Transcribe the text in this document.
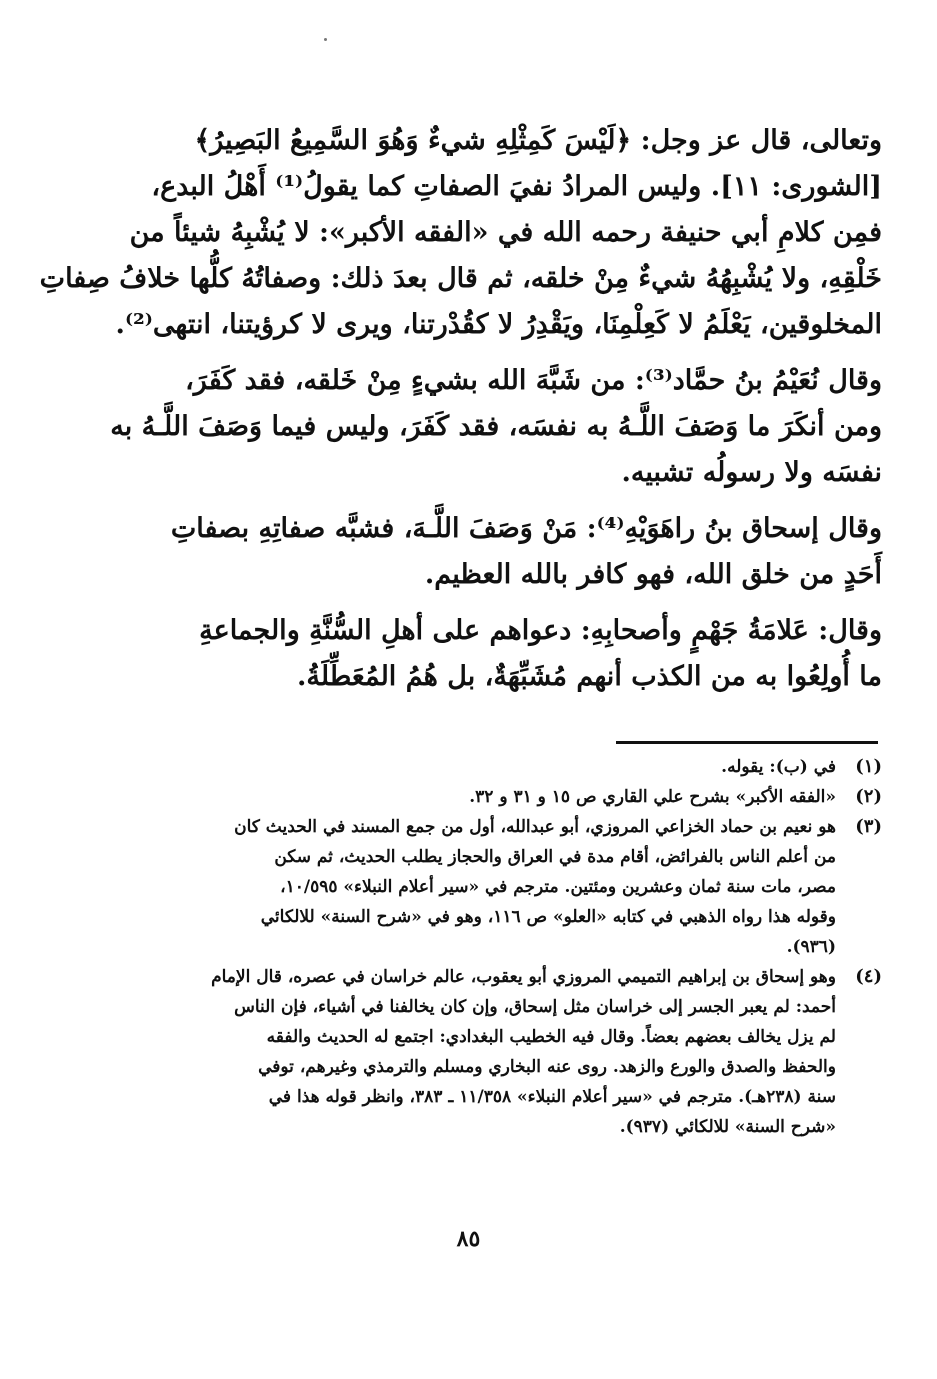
وتعالى، قال عز وجل: ﴿لَيْسَ كَمِثْلِهِ شيءٌ وَهُوَ السَّمِيعُ البَصِيرُ﴾
[الشورى: ١١]. وليس المرادُ نفيَ الصفاتِ كما يقولُ⁽¹⁾ أَهْلُ البدع،
فمِن كلامِ أبي حنيفة رحمه الله في «الفقه الأكبر»: لا يُشْبِهُ شيئاً من
خَلْقِهِ، ولا يُشْبِهُهُ شيءٌ مِنْ خلقه، ثم قال بعدَ ذلك: وصفاتُهُ كلُّها خلافُ صِفاتِ
المخلوقين، يَعْلَمُ لا كَعِلْمِنَا، ويَقْدِرُ لا كقُدْرتنا، ويرى لا كرؤيتنا، انتهى⁽²⁾.
وقال نُعَيْمُ بنُ حمَّاد⁽³⁾: من شَبَّهَ الله بشيءٍ مِنْ خَلقه، فقد كَفَرَ،
ومن أنكَرَ ما وَصَفَ اللَّـهُ به نفسَه، فقد كَفَرَ، وليس فيما وَصَفَ اللَّـهُ به
نفسَه ولا رسولُه تشبيه.
وقال إسحاق بنُ راهَوَيْهِ⁽⁴⁾: مَنْ وَصَفَ اللَّـهَ، فشبَّه صفاتِهِ بصفاتِ
أَحَدٍ من خلق الله، فهو كافر بالله العظيم.
وقال: عَلامَةُ جَهْمٍ وأصحابِهِ: دعواهم على أهلِ السُّنَّةِ والجماعةِ
ما أُولِعُوا به من الكذب أنهم مُشَبِّهَةٌ، بل هُمُ المُعَطِّلَةُ.
(١)
في (ب): يقوله.
(٢)
«الفقه الأكبر» بشرح علي القاري ص ١٥ و ٣١ و ٣٢.
(٣)
هو نعيم بن حماد الخزاعي المروزي، أبو عبدالله، أول من جمع المسند في الحديث كان
من أعلم الناس بالفرائض، أقام مدة في العراق والحجاز يطلب الحديث، ثم سكن
مصر، مات سنة ثمان وعشرين ومئتين. مترجم في «سير أعلام النبلاء» ١٠/٥٩٥،
وقوله هذا رواه الذهبي في كتابه «العلو» ص ١١٦، وهو في «شرح السنة» للالكائي
(٩٣٦).
(٤)
وهو إسحاق بن إبراهيم التميمي المروزي أبو يعقوب، عالم خراسان في عصره، قال الإمام
أحمد: لم يعبر الجسر إلى خراسان مثل إسحاق، وإن كان يخالفنا في أشياء، فإن الناس
لم يزل يخالف بعضهم بعضاً. وقال فيه الخطيب البغدادي: اجتمع له الحديث والفقه
والحفظ والصدق والورع والزهد. روى عنه البخاري ومسلم والترمذي وغيرهم، توفي
سنة (٢٣٨هـ). مترجم في «سير أعلام النبلاء» ١١/٣٥٨ ـ ٣٨٣، وانظر قوله هذا في
«شرح السنة» للالكائي (٩٣٧).
٨٥
